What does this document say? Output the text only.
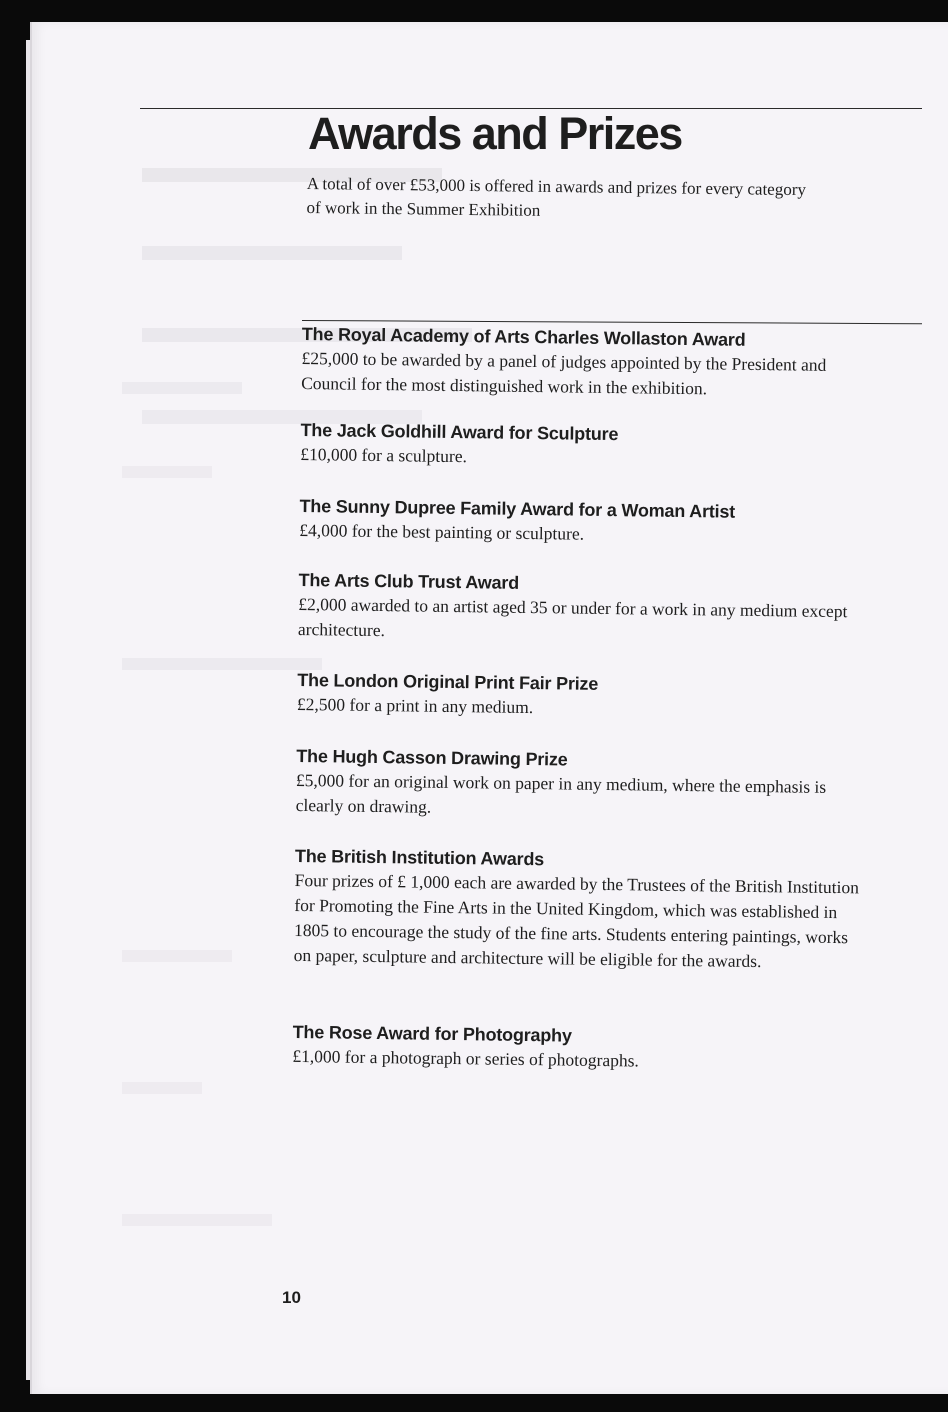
Awards and Prizes
A total of over £53,000 is offered in awards and prizes for every category of work in the Summer Exhibition
The Royal Academy of Arts Charles Wollaston Award
£25,000 to be awarded by a panel of judges appointed by the President and Council for the most distinguished work in the exhibition.
The Jack Goldhill Award for Sculpture
£10,000 for a sculpture.
The Sunny Dupree Family Award for a Woman Artist
£4,000 for the best painting or sculpture.
The Arts Club Trust Award
£2,000 awarded to an artist aged 35 or under for a work in any medium except architecture.
The London Original Print Fair Prize
£2,500 for a print in any medium.
The Hugh Casson Drawing Prize
£5,000 for an original work on paper in any medium, where the emphasis is clearly on drawing.
The British Institution Awards
Four prizes of £ 1,000 each are awarded by the Trustees of the British Institution for Promoting the Fine Arts in the United Kingdom, which was established in 1805 to encourage the study of the fine arts. Students entering paintings, works on paper, sculpture and architecture will be eligible for the awards.
The Rose Award for Photography
£1,000 for a photograph or series of photographs.
10
